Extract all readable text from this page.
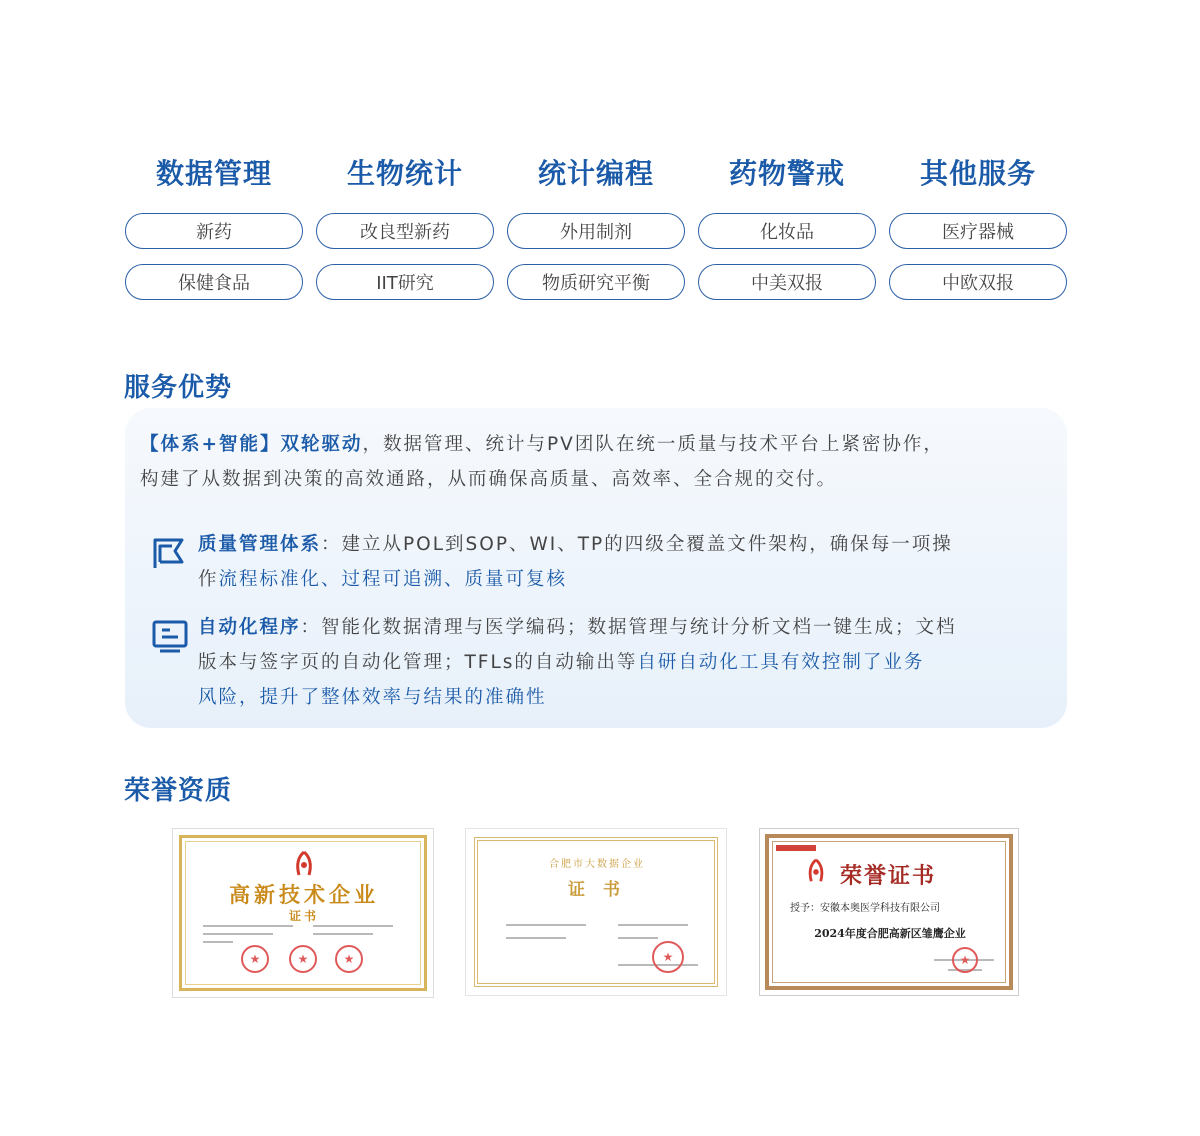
数据管理	生物统计	统计编程	药物警戒	其他服务
新药	改良型新药	外用制剂	化妆品	医疗器械
保健食品	IIT研究	物质研究平衡	中美双报	中欧双报
服务优势
【体系+智能】双轮驱动，数据管理、统计与PV团队在统一质量与技术平台上紧密协作，
构建了从数据到决策的高效通路，从而确保高质量、高效率、全合规的交付。
质量管理体系：建立从POL到SOP、WI、TP的四级全覆盖文件架构，确保每一项操
作流程标准化、过程可追溯、质量可复核
自动化程序：智能化数据清理与医学编码；数据管理与统计分析文档一键生成；文档
版本与签字页的自动化管理；TFLs的自动输出等自研自动化工具有效控制了业务
风险，提升了整体效率与结果的准确性
荣誉资质
高新技术企业
证书
★	★	★
合肥市大数据企业
证 书
★
荣誉证书
授予：安徽本奥医学科技有限公司
2024年度合肥高新区雏鹰企业
★
